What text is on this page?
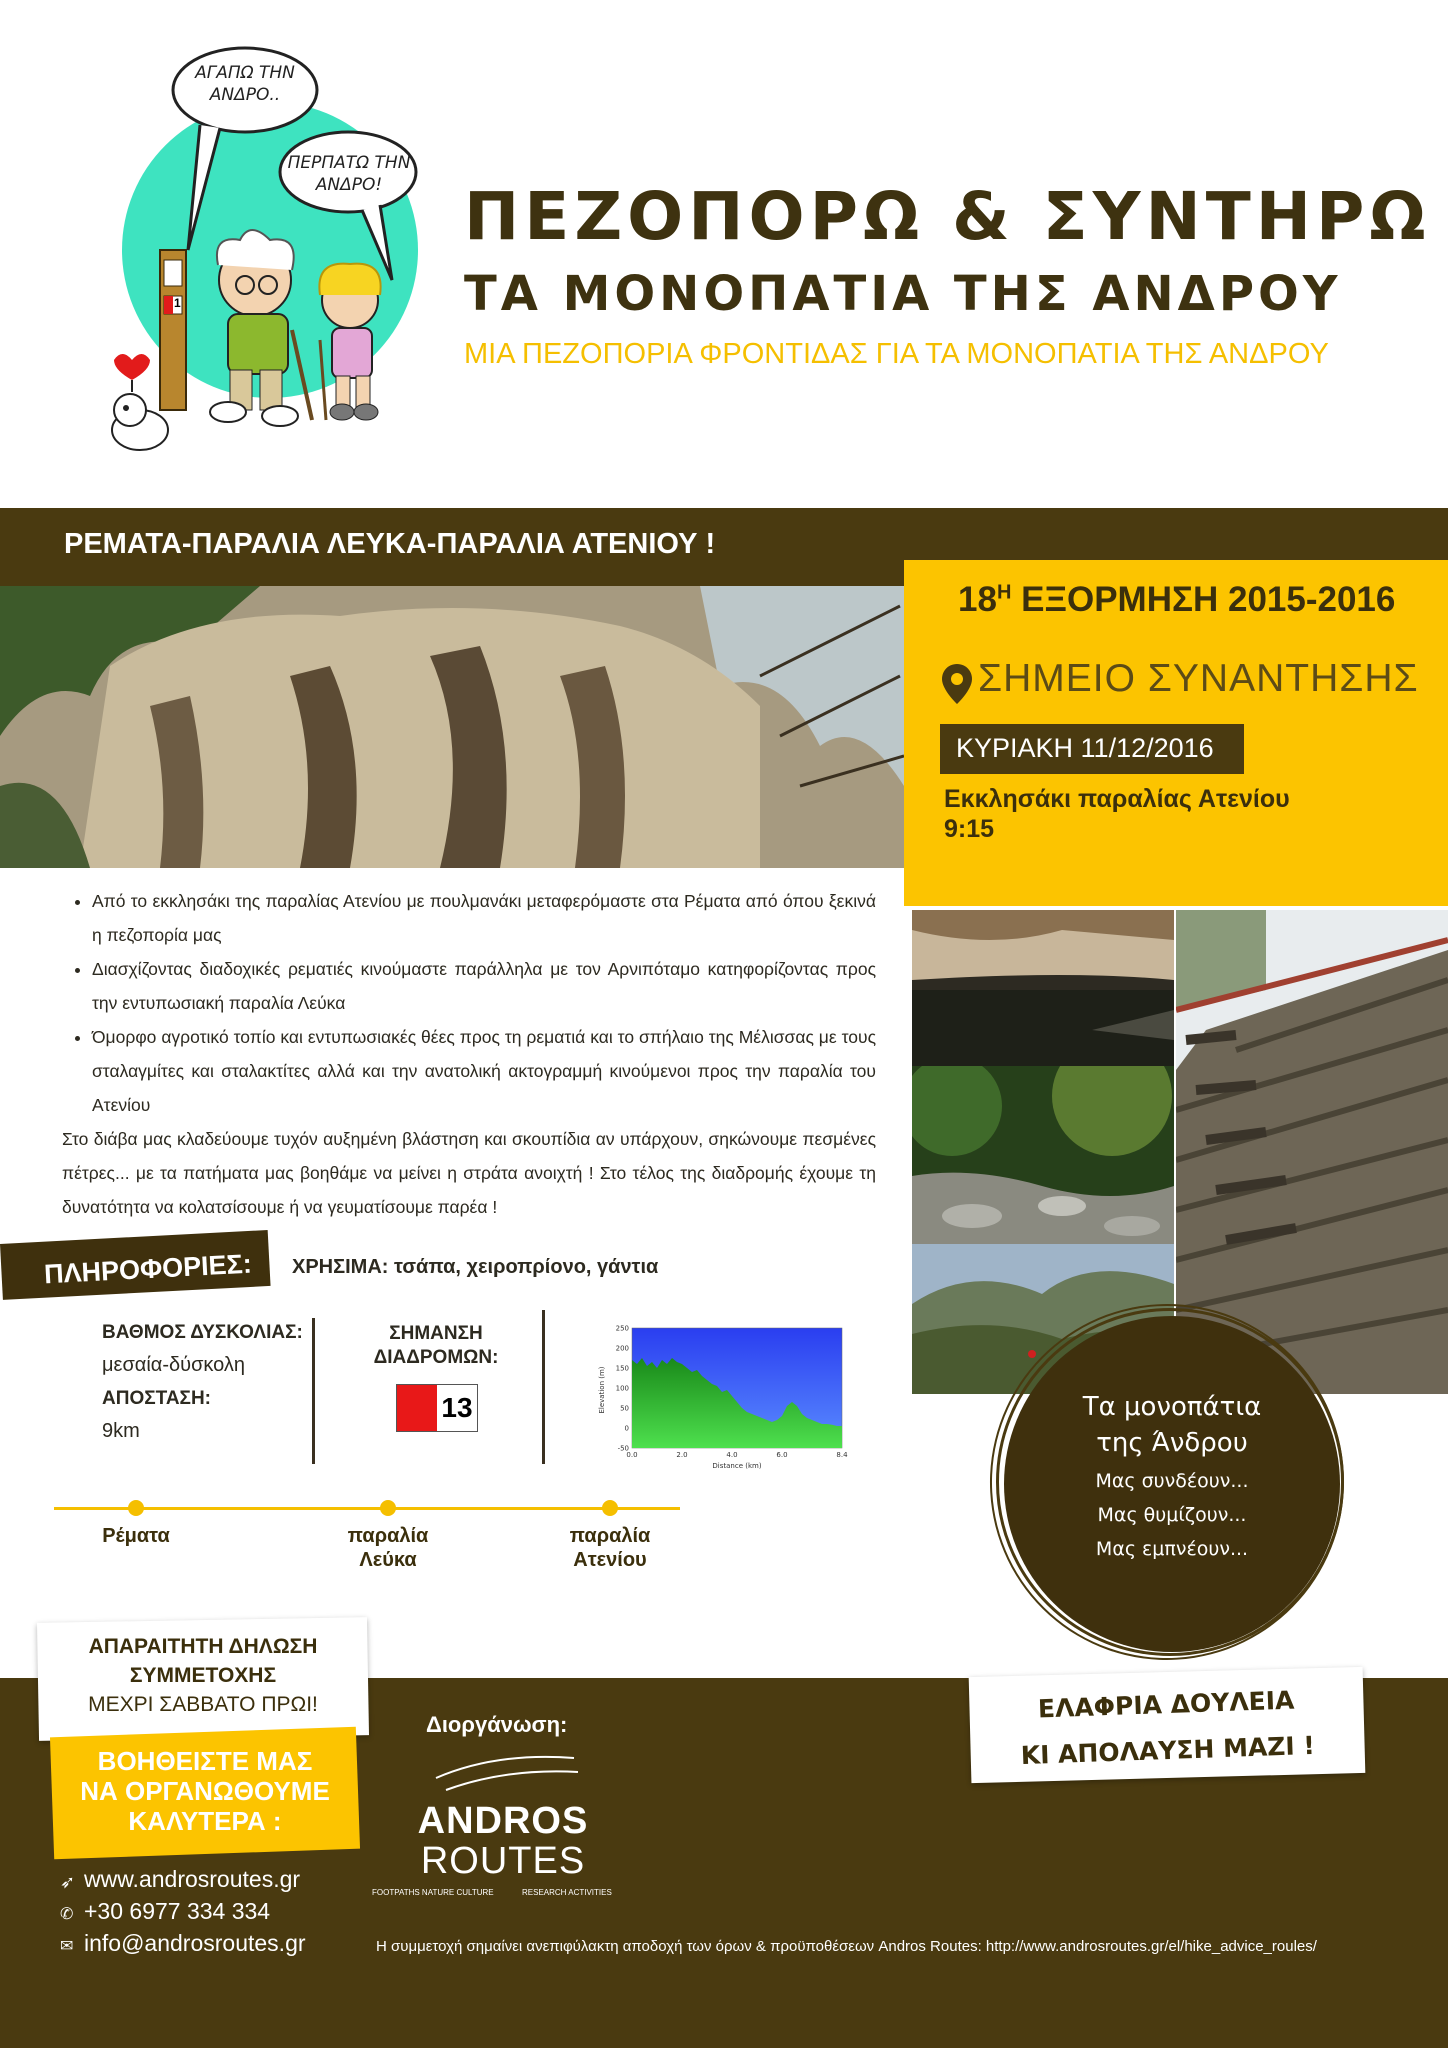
ΑΓΑΠΩ ΤΗΝ ΑΝΔΡΟ..
ΠΕΡΠΑΤΩ ΤΗΝ ΑΝΔΡΟ!
1
ΠΕΖΟΠΟΡΩ & ΣΥΝΤΗΡΩ
ΤΑ ΜΟΝΟΠΑΤΙΑ ΤΗΣ ΑΝΔΡΟΥ
ΜΙΑ ΠΕΖΟΠΟΡΙΑ ΦΡΟΝΤΙΔΑΣ ΓΙΑ ΤΑ ΜΟΝΟΠΑΤΙΑ ΤΗΣ ΑΝΔΡΟΥ
ΡΕΜΑΤΑ-ΠΑΡΑΛΙΑ ΛΕΥΚΑ-ΠΑΡΑΛΙΑ ΑΤΕΝΙΟΥ !
$18^H$ ΕΞΟΡΜΗΣΗ 2015-2016
ΣΗΜΕΙΟ ΣΥΝΑΝΤΗΣΗΣ
ΚΥΡΙΑΚΗ 11/12/2016
Εκκλησάκι παραλίας Ατενίου
9:15
• Από το εκκλησάκι της παραλίας Ατενίου με πουλμανάκι μεταφερόμαστε στα Ρέματα από όπου ξεκινά η πεζοπορία μας
• Διασχίζοντας διαδοχικές ρεματιές κινούμαστε παράλληλα με τον Αρνιπόταμο κατηφορίζοντας προς την εντυπωσιακή παραλία Λεύκα
• Όμορφο αγροτικό τοπίο και εντυπωσιακές θέες προς τη ρεματιά και το σπήλαιο της Μέλισσας με τους σταλαγμίτες και σταλακτίτες αλλά και την ανατολική ακτογραμμή κινούμενοι προς την παραλία του Ατενίου

Στο διάβα μας κλαδεύουμε τυχόν αυξημένη βλάστηση και σκουπίδια αν υπάρχουν, σηκώνουμε πεσμένες πέτρες... με τα πατήματα μας βοηθάμε να μείνει η στράτα ανοιχτή ! Στο τέλος της διαδρομής έχουμε τη δυνατότητα να κολατσίσουμε ή να γευματίσουμε παρέα !

ΠΛΗΡΟΦΟΡΙΕΣ: ΧΡΗΣΙΜΑ: τσάπα, χειροπρίονο, γάντια
ΒΑΘΜΟΣ ΔΥΣΚΟΛΙΑΣ:
μεσαία-δύσκολη
ΑΠΟΣΤΑΣΗ:
9km
ΣΗΜΑΝΣΗ
ΔΙΑΔΡΟΜΩΝ:
13
250
200
150
100
50
0
-50
0.0	2.0	4.0	6.0	8.4
Elevation (m)
Distance (km)
Ρέματα	παραλία
Λεύκα
παραλία
Ατενίου
Τα μονοπάτια
της Άνδρου
Μας συνδέουν...
Μας θυμίζουν...
Μας εμπνέουν...
ΑΠΑΡΑΙΤΗΤΗ ΔΗΛΩΣΗ
ΣΥΜΜΕΤΟΧΗΣ
ΜΕΧΡΙ ΣΑΒΒΑΤΟ ΠΡΩΙ!
ΒΟΗΘΕΙΣΤΕ ΜΑΣ
ΝΑ ΟΡΓΑΝΩΘΟΥΜΕ
ΚΑΛΥΤΕΡΑ :
➶ www.androsroutes.gr
✆ +30 6977 334 334
✉ info@androsroutes.gr
Διοργάνωση:
ANDROS
ROUTES
FOOTPATHS NATURE CULTURE	RESEARCH ACTIVITIES
ΕΛΑΦΡΙΑ ΔΟΥΛΕΙΑ
ΚΙ ΑΠΟΛΑΥΣΗ ΜΑΖΙ !
Η συμμετοχή σημαίνει ανεπιφύλακτη αποδοχή των όρων & προϋποθέσεων Andros Routes: http://www.androsroutes.gr/el/hike_advice_roules/
